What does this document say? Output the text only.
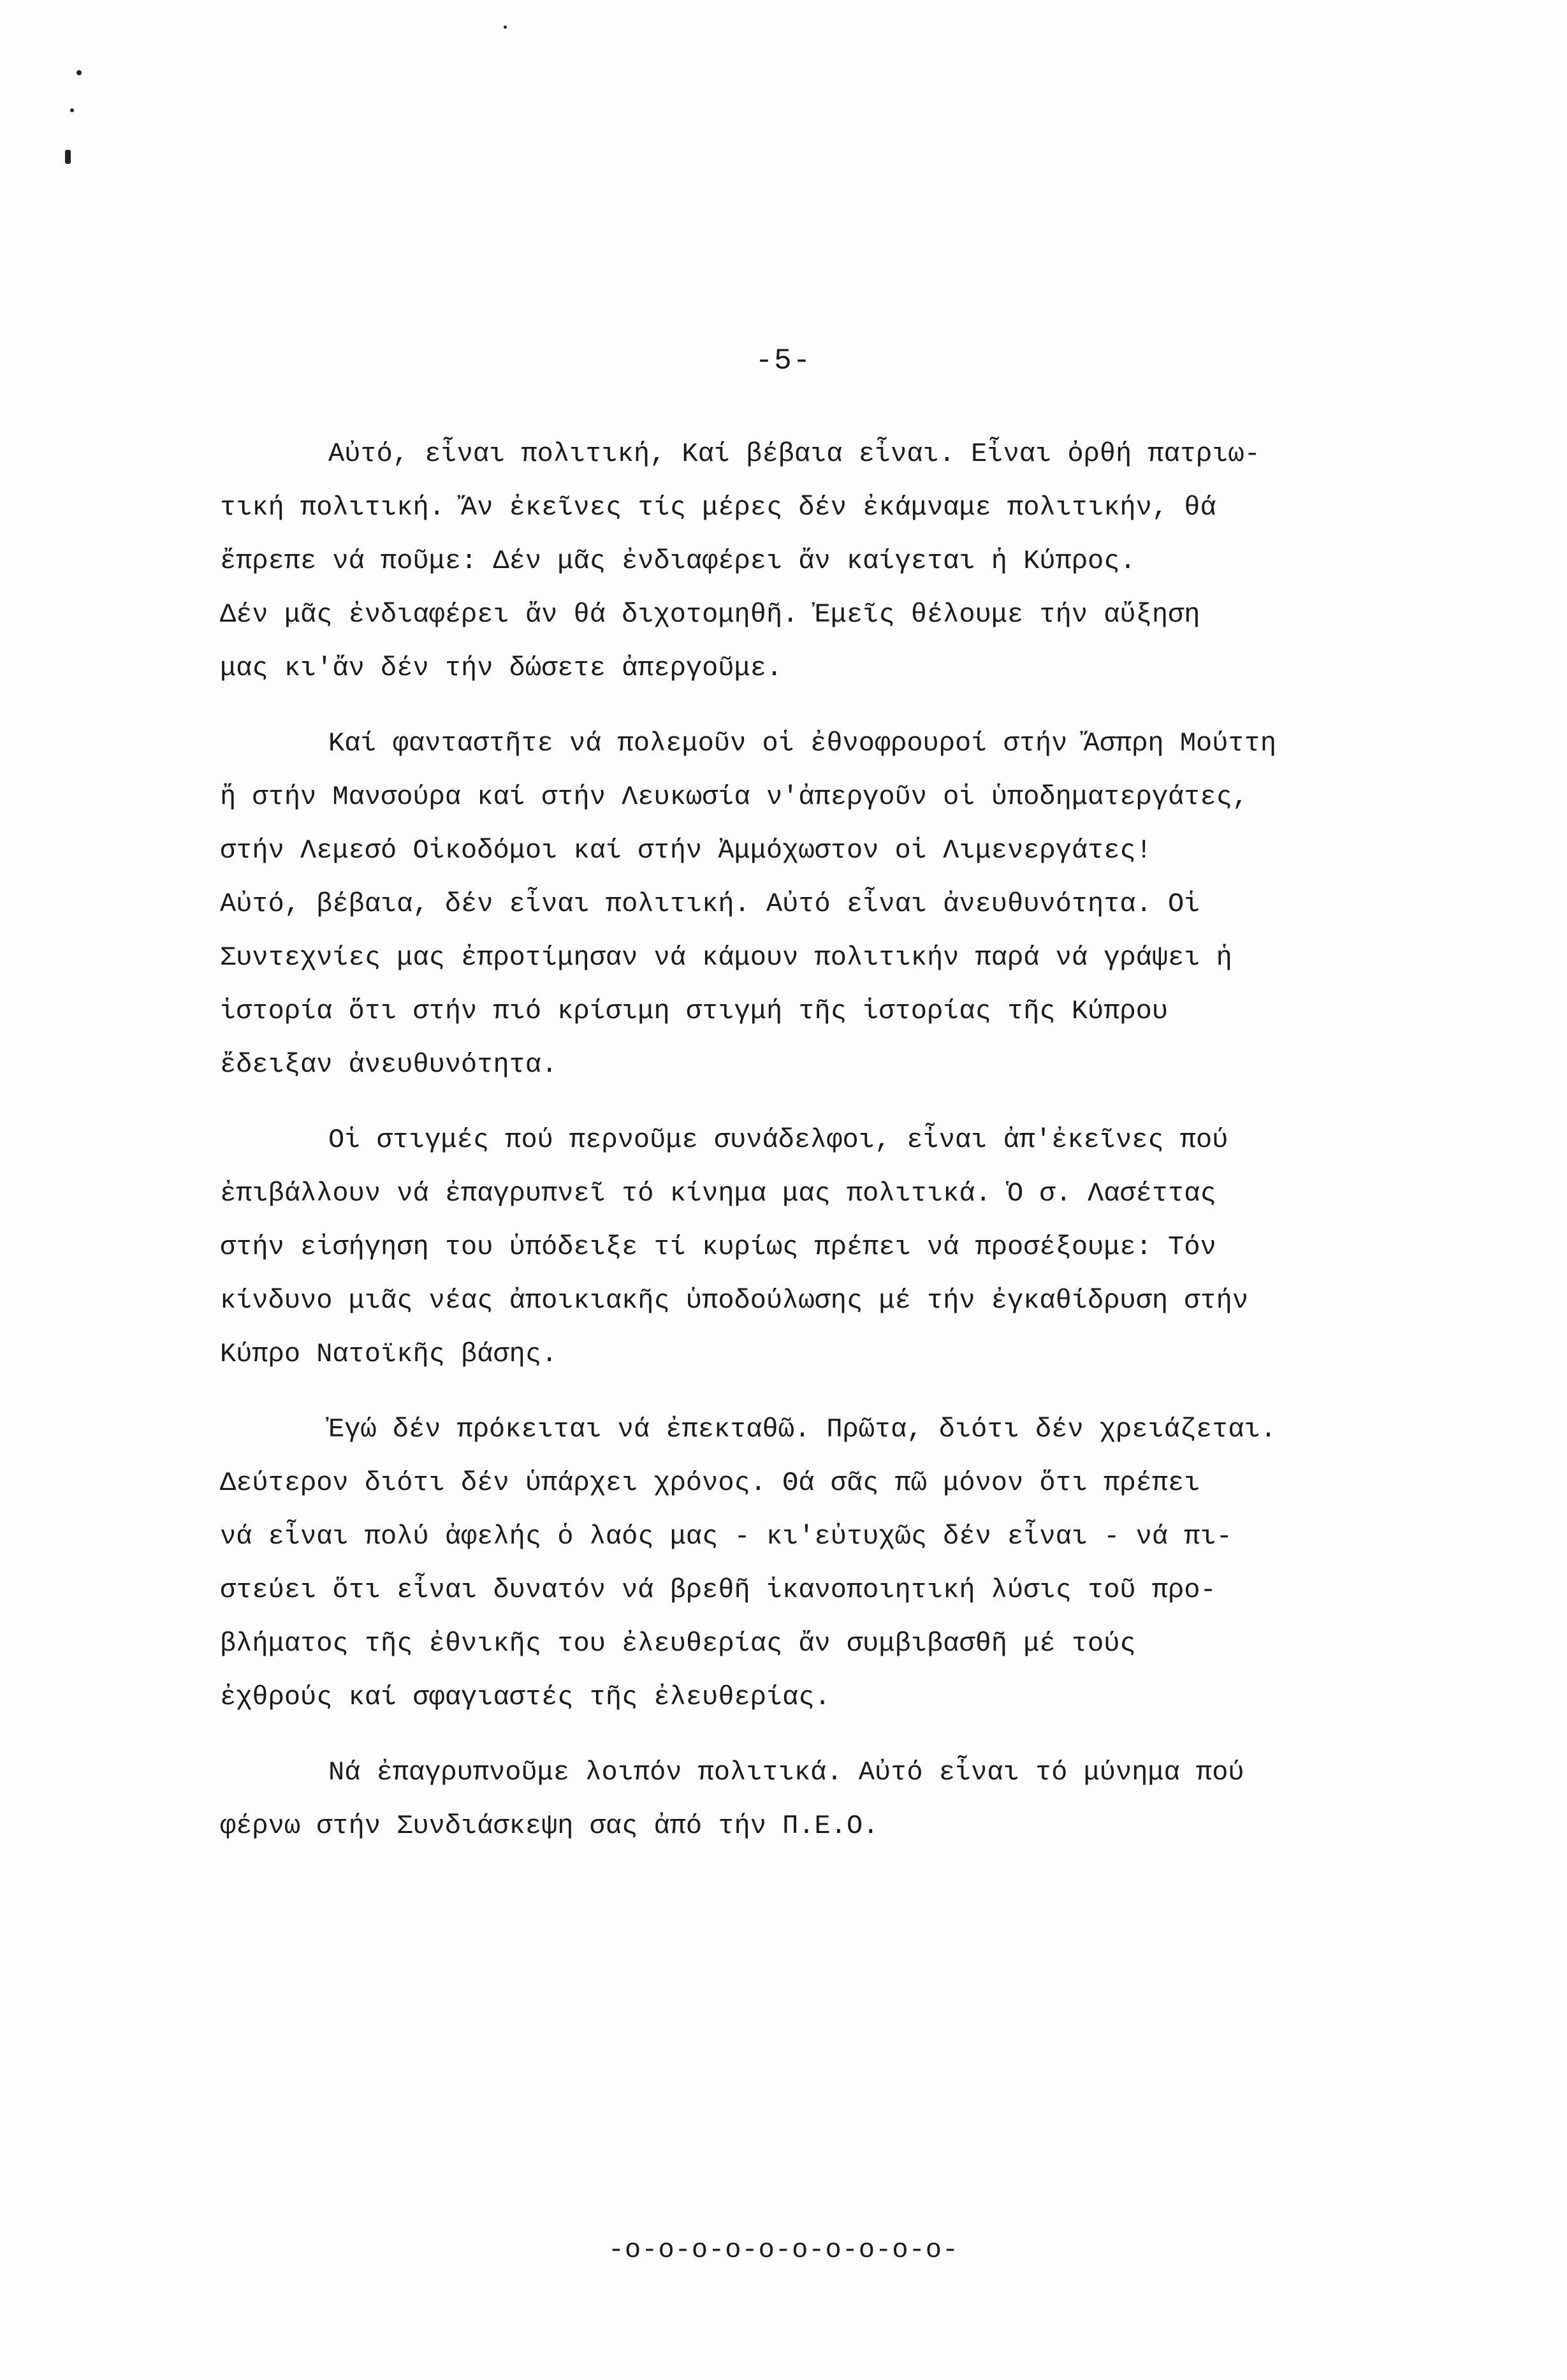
-5-
Αὐτό, εἶναι πολιτική, Καί βέβαια εἶναι. Εἶναι ὀρθή πατριω-
τική πολιτική. Ἄν ἐκεῖνες τίς μέρες δέν ἐκάμναμε πολιτικήν, θά
ἔπρεπε νά ποῦμε: Δέν μᾶς ἐνδιαφέρει ἄν καίγεται ἡ Κύπρος.
Δέν μᾶς ἐνδιαφέρει ἄν θά διχοτομηθῆ. Ἐμεῖς θέλουμε τήν αὔξηση
μας κι'ἄν δέν τήν δώσετε ἀπεργοῦμε.
Καί φανταστῆτε νά πολεμοῦν οἱ ἐθνοφρουροί στήν Ἄσπρη Μούττη
ἤ στήν Μανσούρα καί στήν Λευκωσία ν'ἀπεργοῦν οἱ ὑποδηματεργάτες,
στήν Λεμεσό Οἰκοδόμοι καί στήν Ἀμμόχωστον οἱ Λιμενεργάτες!
Αὐτό, βέβαια, δέν εἶναι πολιτική. Αὐτό εἶναι ἀνευθυνότητα. Οἱ
Συντεχνίες μας ἐπροτίμησαν νά κάμουν πολιτικήν παρά νά γράψει ἡ
ἱστορία ὅτι στήν πιό κρίσιμη στιγμή τῆς ἱστορίας τῆς Κύπρου
ἔδειξαν ἀνευθυνότητα.
Οἱ στιγμές πού περνοῦμε συνάδελφοι, εἶναι ἀπ'ἐκεῖνες πού
ἐπιβάλλουν νά ἐπαγρυπνεῖ τό κίνημα μας πολιτικά. Ὁ σ. Λασέττας
στήν εἰσήγηση του ὑπόδειξε τί κυρίως πρέπει νά προσέξουμε: Τόν
κίνδυνο μιᾶς νέας ἀποικιακῆς ὑποδούλωσης μέ τήν ἐγκαθίδρυση στήν
Κύπρο Νατοϊκῆς βάσης.
Ἐγώ δέν πρόκειται νά ἐπεκταθῶ. Πρῶτα, διότι δέν χρειάζεται.
Δεύτερον διότι δέν ὑπάρχει χρόνος. Θά σᾶς πῶ μόνον ὅτι πρέπει
νά εἶναι πολύ ἀφελής ὁ λαός μας - κι'εὐτυχῶς δέν εἶναι - νά πι-
στεύει ὅτι εἶναι δυνατόν νά βρεθῆ ἱκανοποιητική λύσις τοῦ προ-
βλήματος τῆς ἐθνικῆς του ἐλευθερίας ἄν συμβιβασθῆ μέ τούς
ἐχθρούς καί σφαγιαστές τῆς ἐλευθερίας.
Νά ἐπαγρυπνοῦμε λοιπόν πολιτικά. Αὐτό εἶναι τό μύνημα πού
φέρνω στήν Συνδιάσκεψη σας ἀπό τήν Π.Ε.Ο.
-o-o-o-o-o-o-o-o-o-o-
